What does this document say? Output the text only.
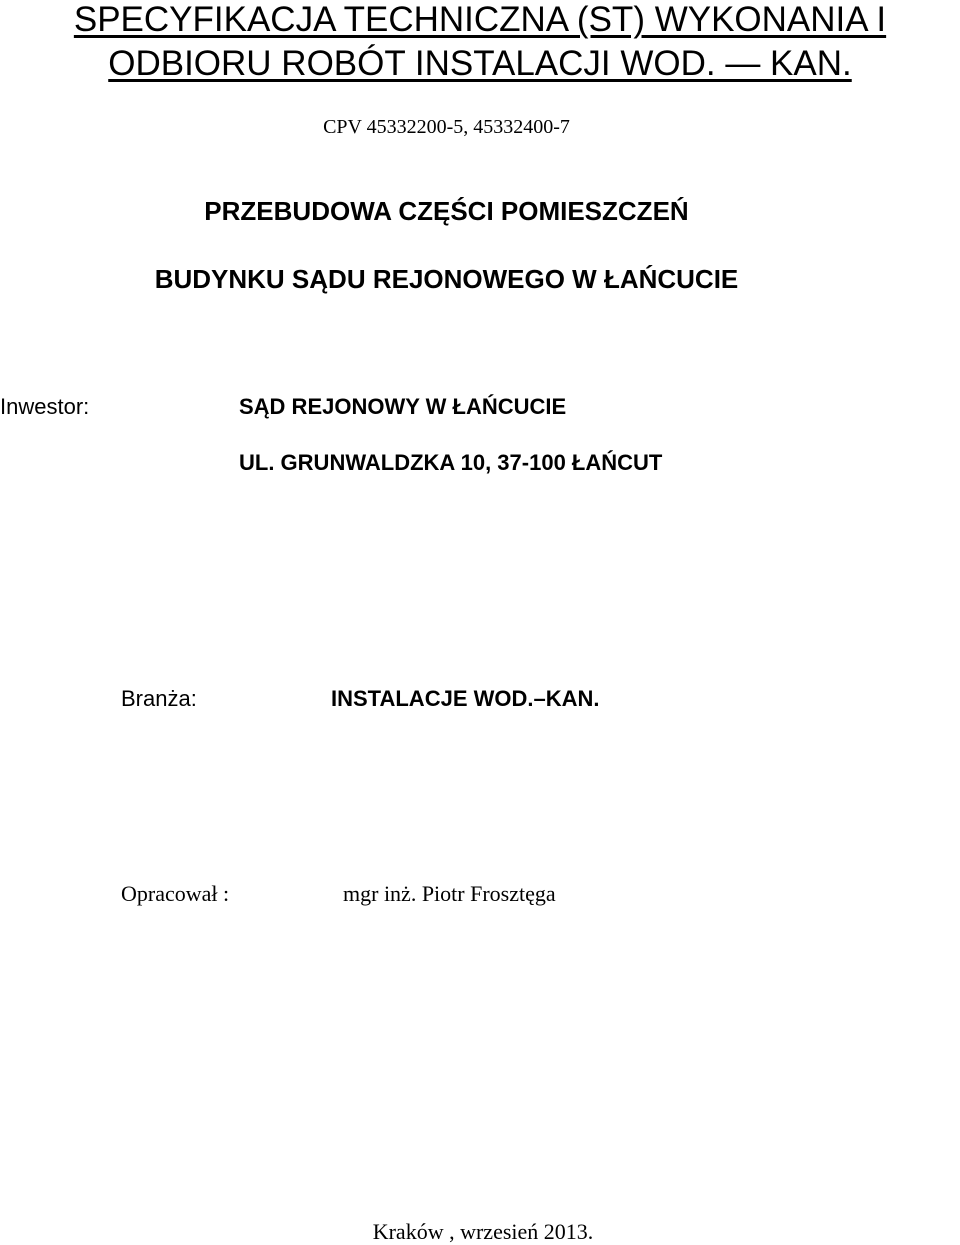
SPECYFIKACJA TECHNICZNA (ST) WYKONANIA I
ODBIORU ROBÓT INSTALACJI WOD. — KAN.
CPV 45332200-5, 45332400-7
PRZEBUDOWA CZĘŚCI POMIESZCZEŃ
BUDYNKU SĄDU REJONOWEGO W ŁAŃCUCIE
Inwestor:	SĄD REJONOWY W ŁAŃCUCIE
UL. GRUNWALDZKA 10, 37-100 ŁAŃCUT
Branża:	INSTALACJE WOD.–KAN.
Opracował :	mgr inż. Piotr Frosztęga
Kraków , wrzesień 2013.
